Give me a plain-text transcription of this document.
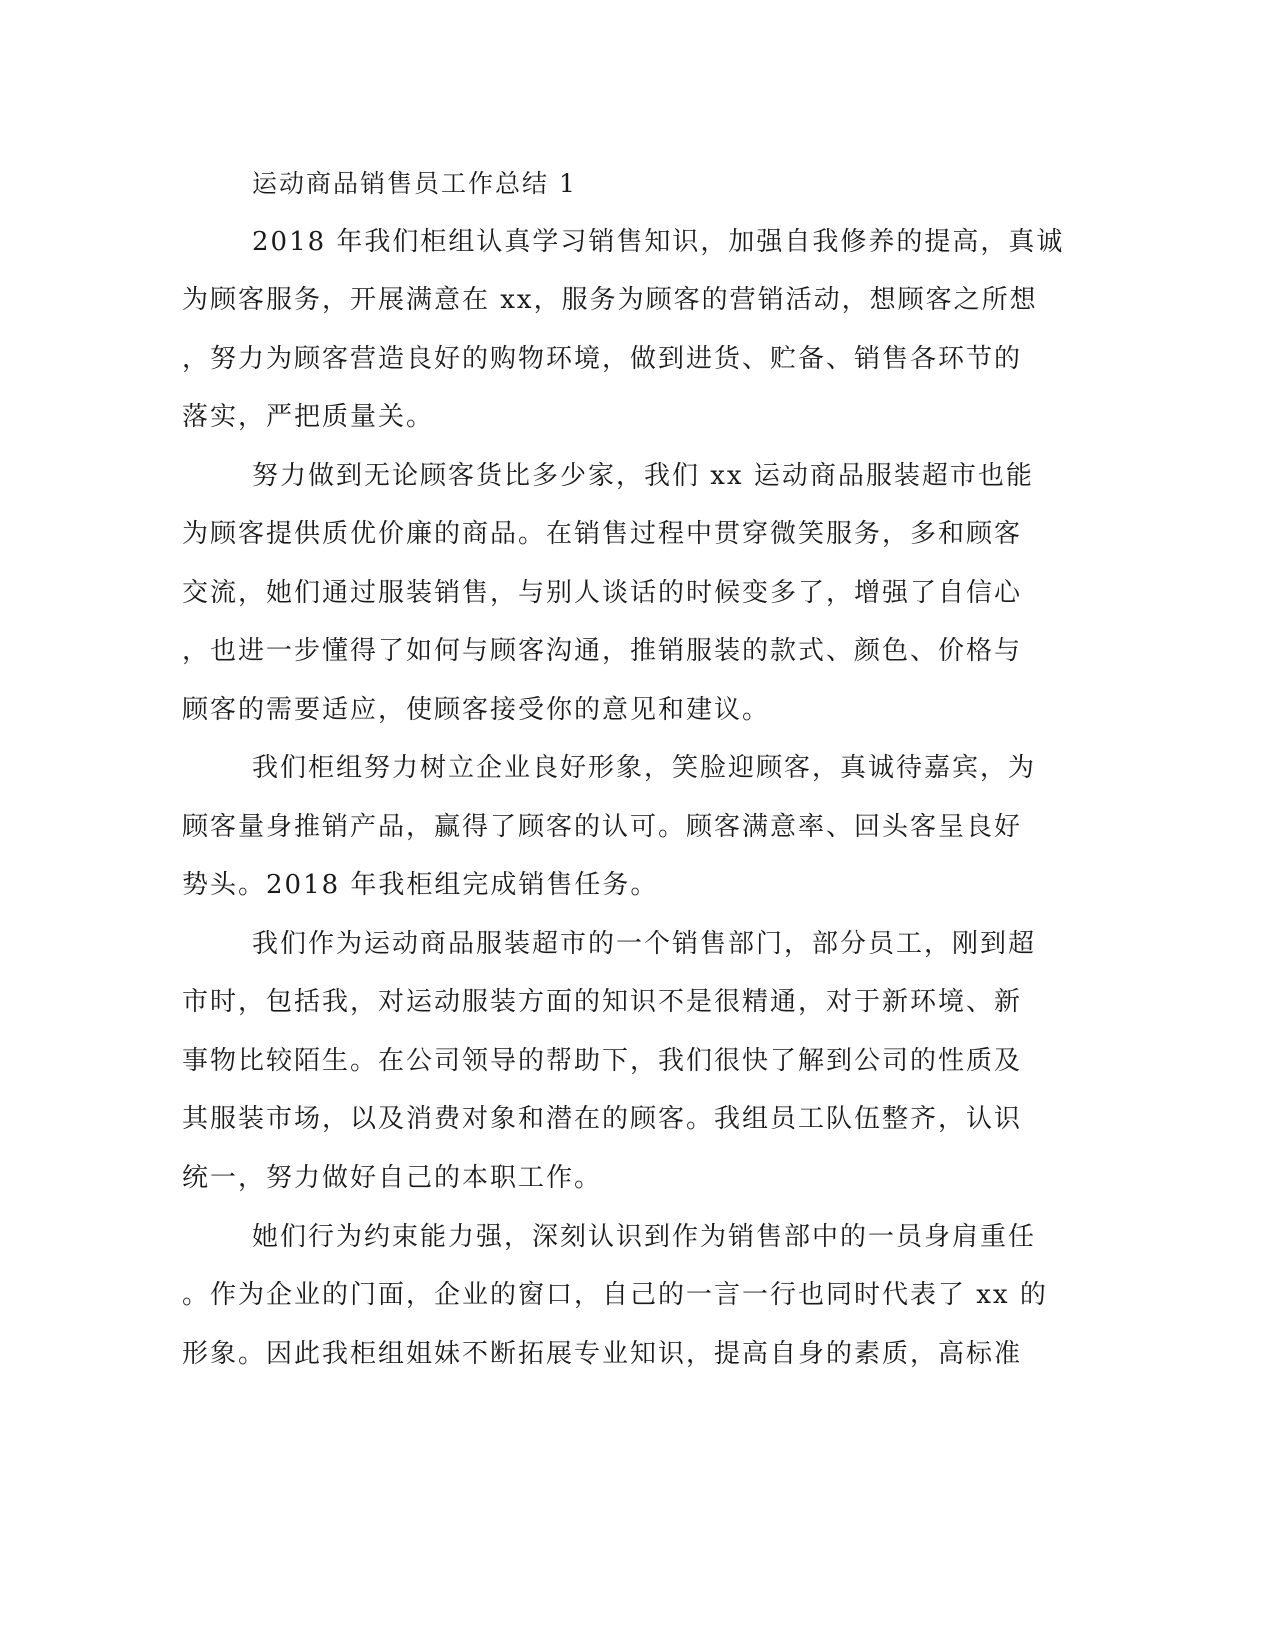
运动商品销售员工作总结 1
2018 年我们柜组认真学习销售知识，加强自我修养的提高，真诚
为顾客服务，开展满意在 xx，服务为顾客的营销活动，想顾客之所想
，努力为顾客营造良好的购物环境，做到进货、贮备、销售各环节的
落实，严把质量关。
努力做到无论顾客货比多少家，我们 xx 运动商品服装超市也能
为顾客提供质优价廉的商品。在销售过程中贯穿微笑服务，多和顾客
交流，她们通过服装销售，与别人谈话的时候变多了，增强了自信心
，也进一步懂得了如何与顾客沟通，推销服装的款式、颜色、价格与
顾客的需要适应，使顾客接受你的意见和建议。
我们柜组努力树立企业良好形象，笑脸迎顾客，真诚待嘉宾，为
顾客量身推销产品，赢得了顾客的认可。顾客满意率、回头客呈良好
势头。2018 年我柜组完成销售任务。
我们作为运动商品服装超市的一个销售部门，部分员工，刚到超
市时，包括我，对运动服装方面的知识不是很精通，对于新环境、新
事物比较陌生。在公司领导的帮助下，我们很快了解到公司的性质及
其服装市场，以及消费对象和潜在的顾客。我组员工队伍整齐，认识
统一，努力做好自己的本职工作。
她们行为约束能力强，深刻认识到作为销售部中的一员身肩重任
。作为企业的门面，企业的窗口，自己的一言一行也同时代表了 xx 的
形象。因此我柜组姐妹不断拓展专业知识，提高自身的素质，高标准
